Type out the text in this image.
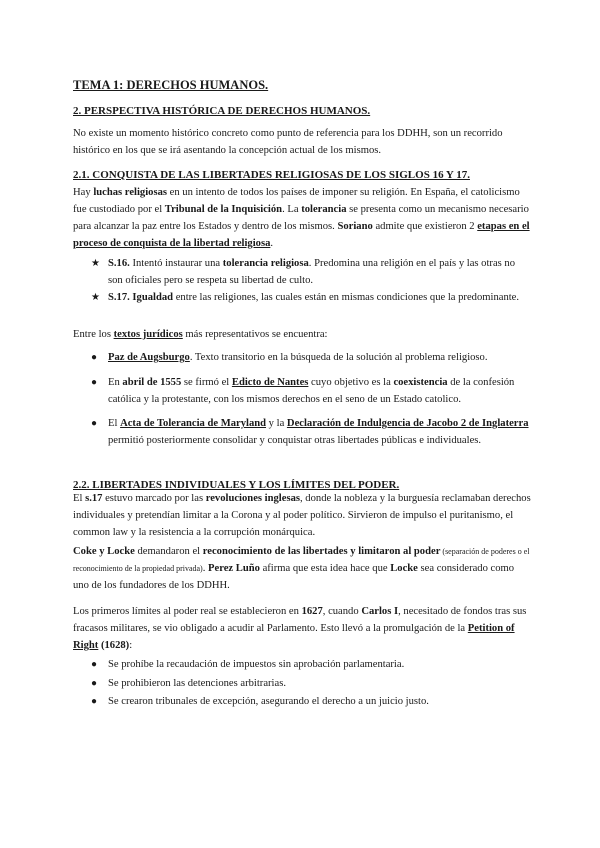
TEMA 1: DERECHOS HUMANOS.
2. PERSPECTIVA HISTÓRICA DE DERECHOS HUMANOS.
No existe un momento histórico concreto como punto de referencia para los DDHH, son un recorrido histórico en los que se irá asentando la concepción actual de los mismos.
2.1. CONQUISTA DE LAS LIBERTADES RELIGIOSAS DE LOS SIGLOS 16 Y 17.
Hay luchas religiosas en un intento de todos los países de imponer su religión. En España, el catolicismo fue custodiado por el Tribunal de la Inquisición. La tolerancia se presenta como un mecanismo necesario para alcanzar la paz entre los Estados y dentro de los mismos. Soriano admite que existieron 2 etapas en el proceso de conquista de la libertad religiosa.
★ S.16. Intentó instaurar una tolerancia religiosa. Predomina una religión en el país y las otras no son oficiales pero se respeta su libertad de culto.
★ S.17. Igualdad entre las religiones, las cuales están en mismas condiciones que la predominante.
Entre los textos jurídicos más representativos se encuentra:
● Paz de Augsburgo. Texto transitorio en la búsqueda de la solución al problema religioso.
● En abril de 1555 se firmó el Edicto de Nantes cuyo objetivo es la coexistencia de la confesión católica y la protestante, con los mismos derechos en el seno de un Estado catolico.
● El Acta de Tolerancia de Maryland y la Declaración de Indulgencia de Jacobo 2 de Inglaterra permitió posteriormente consolidar y conquistar otras libertades públicas e individuales.
2.2. LIBERTADES INDIVIDUALES Y LOS LÍMITES DEL PODER.
El s.17 estuvo marcado por las revoluciones inglesas, donde la nobleza y la burguesía reclamaban derechos individuales y pretendían limitar a la Corona y al poder político. Sirvieron de impulso el puritanismo, el common law y la resistencia a la corrupción monárquica.
Coke y Locke demandaron el reconocimiento de las libertades y limitaron al poder (separación de poderes o el reconocimiento de la propiedad privada). Perez Luño afirma que esta idea hace que Locke sea considerado como uno de los fundadores de los DDHH.
Los primeros límites al poder real se establecieron en 1627, cuando Carlos I, necesitado de fondos tras sus fracasos militares, se vio obligado a acudir al Parlamento. Esto llevó a la promulgación de la Petition of Right (1628):
● Se prohíbe la recaudación de impuestos sin aprobación parlamentaria.
● Se prohibieron las detenciones arbitrarias.
● Se crearon tribunales de excepción, asegurando el derecho a un juicio justo.
